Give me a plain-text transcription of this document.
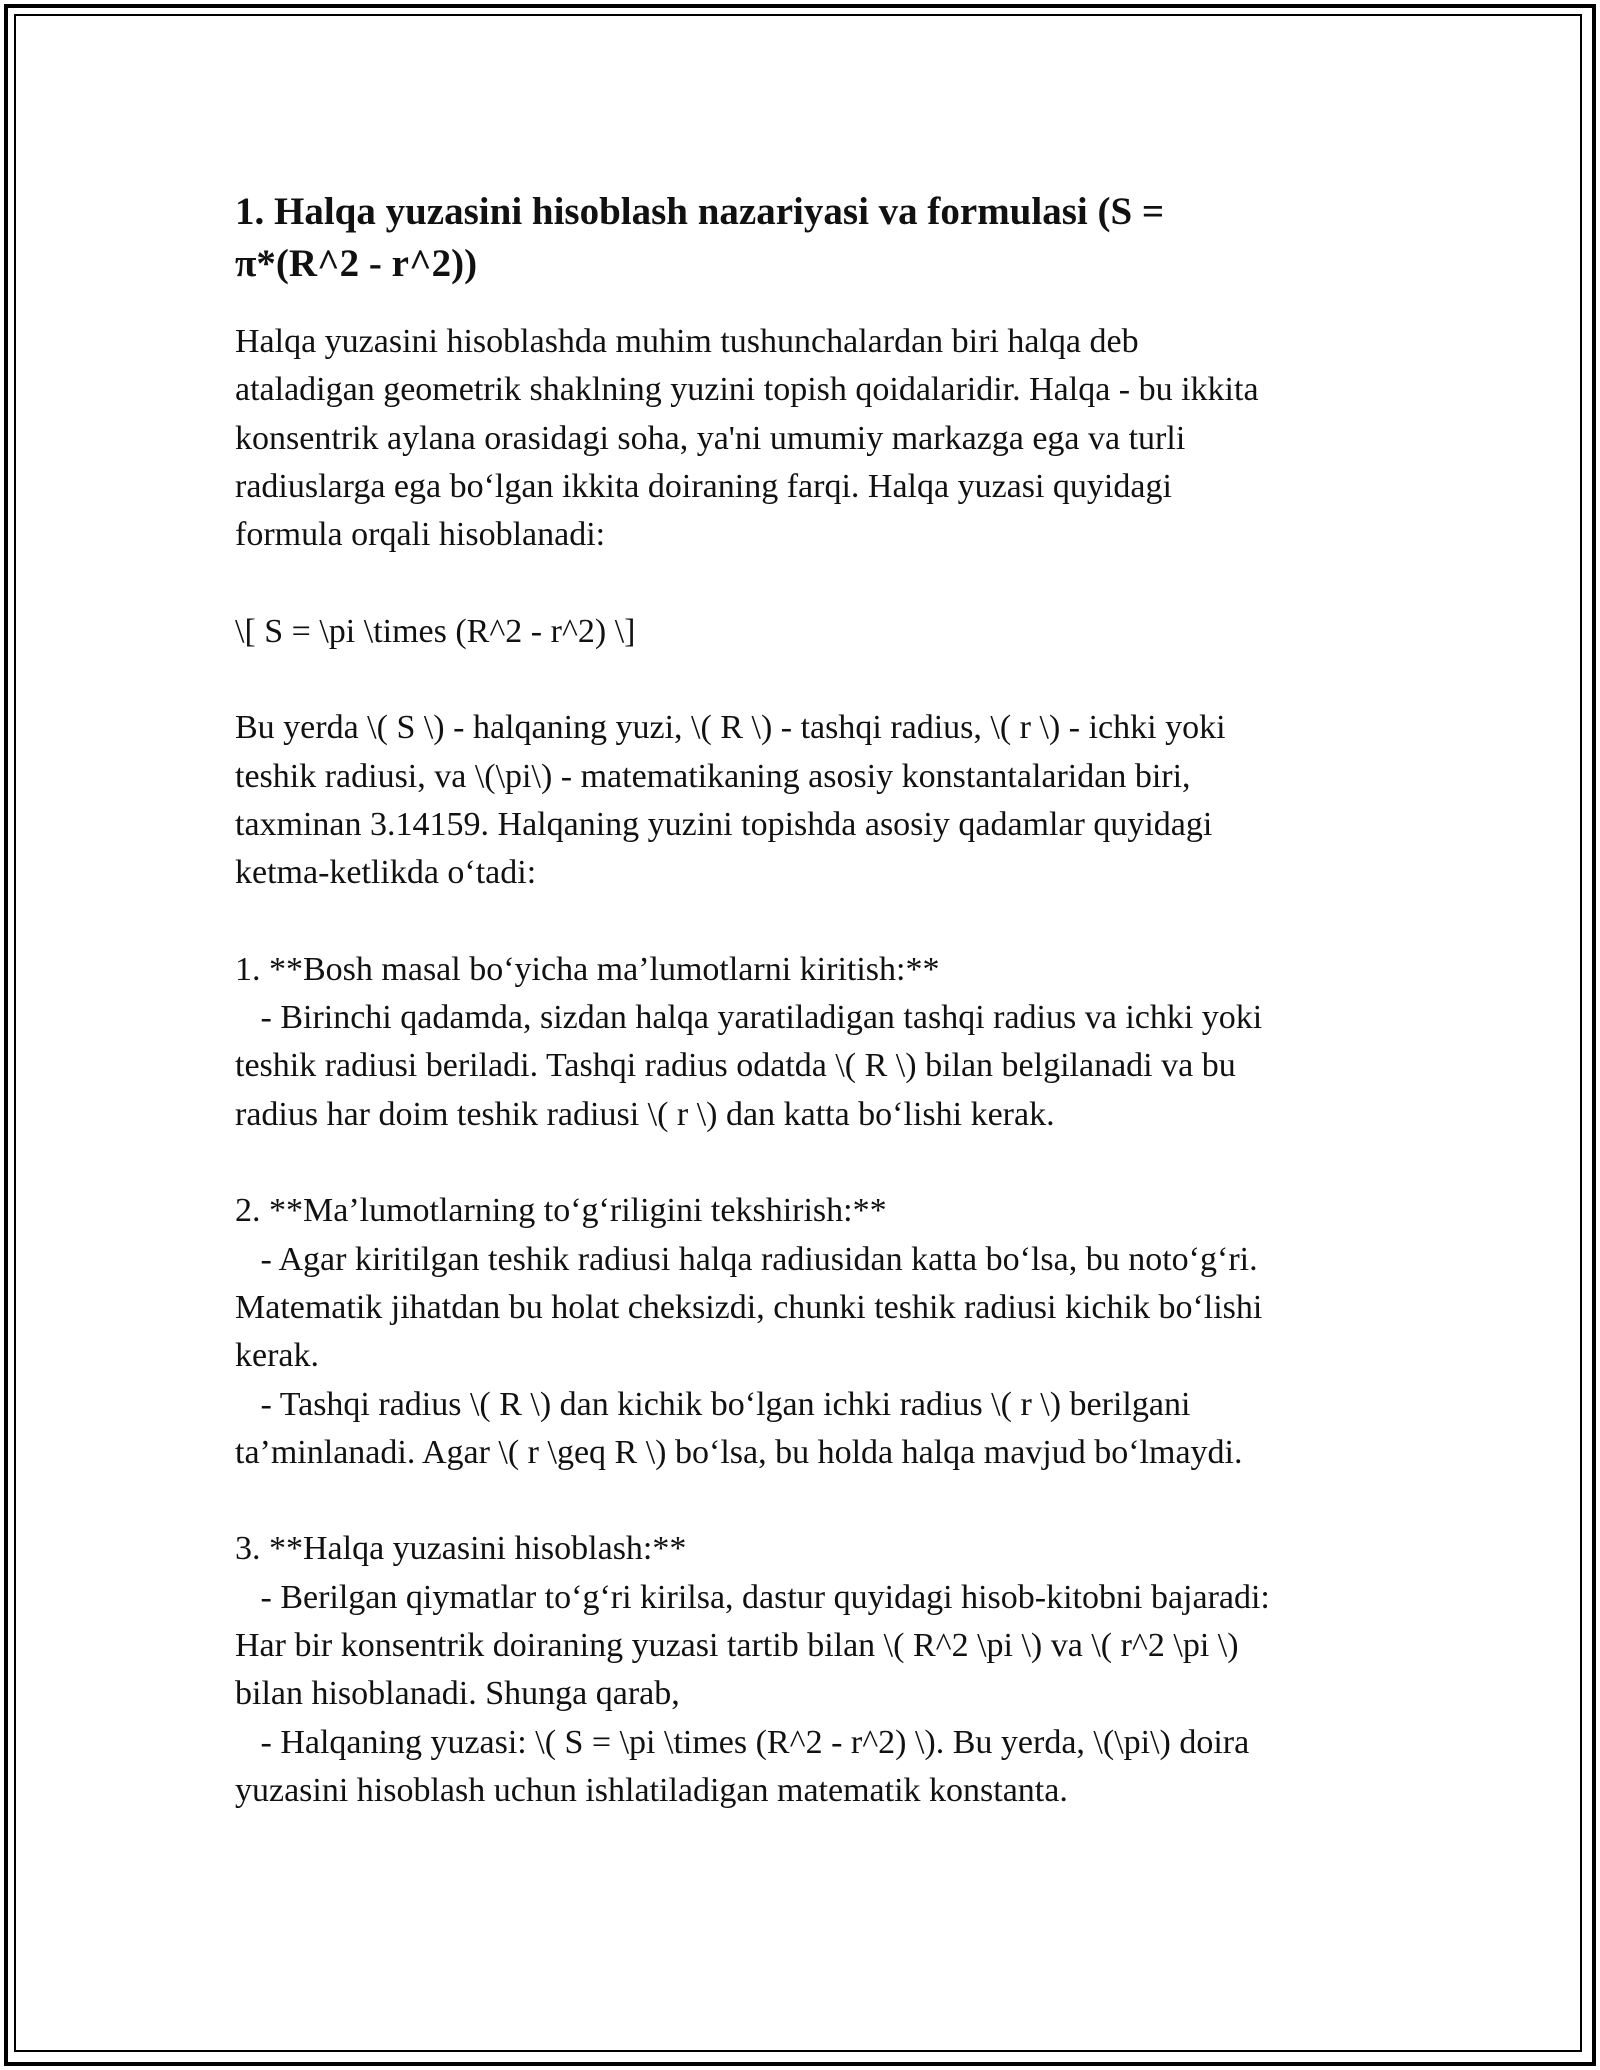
1. Halqa yuzasini hisoblash nazariyasi va formulasi (S =
π*(R^2 - r^2))
Halqa yuzasini hisoblashda muhim tushunchalardan biri halqa deb
ataladigan geometrik shaklning yuzini topish qoidalaridir. Halqa - bu ikkita
konsentrik aylana orasidagi soha, ya'ni umumiy markazga ega va turli
radiuslarga ega bo‘lgan ikkita doiraning farqi. Halqa yuzasi quyidagi
formula orqali hisoblanadi:
\[ S = \pi \times (R^2 - r^2) \]
Bu yerda \( S \) - halqaning yuzi, \( R \) - tashqi radius, \( r \) - ichki yoki
teshik radiusi, va \(\pi\) - matematikaning asosiy konstantalaridan biri,
taxminan 3.14159. Halqaning yuzini topishda asosiy qadamlar quyidagi
ketma-ketlikda o‘tadi:
1. **Bosh masal bo‘yicha ma’lumotlarni kiritish:**
- Birinchi qadamda, sizdan halqa yaratiladigan tashqi radius va ichki yoki
teshik radiusi beriladi. Tashqi radius odatda \( R \) bilan belgilanadi va bu
radius har doim teshik radiusi \( r \) dan katta bo‘lishi kerak.
2. **Ma’lumotlarning to‘g‘riligini tekshirish:**
- Agar kiritilgan teshik radiusi halqa radiusidan katta bo‘lsa, bu noto‘g‘ri.
Matematik jihatdan bu holat cheksizdi, chunki teshik radiusi kichik bo‘lishi
kerak.
- Tashqi radius \( R \) dan kichik bo‘lgan ichki radius \( r \) berilgani
ta’minlanadi. Agar \( r \geq R \) bo‘lsa, bu holda halqa mavjud bo‘lmaydi.
3. **Halqa yuzasini hisoblash:**
- Berilgan qiymatlar to‘g‘ri kirilsa, dastur quyidagi hisob-kitobni bajaradi:
Har bir konsentrik doiraning yuzasi tartib bilan \( R^2 \pi \) va \( r^2 \pi \)
bilan hisoblanadi. Shunga qarab,
- Halqaning yuzasi: \( S = \pi \times (R^2 - r^2) \). Bu yerda, \(\pi\) doira
yuzasini hisoblash uchun ishlatiladigan matematik konstanta.
